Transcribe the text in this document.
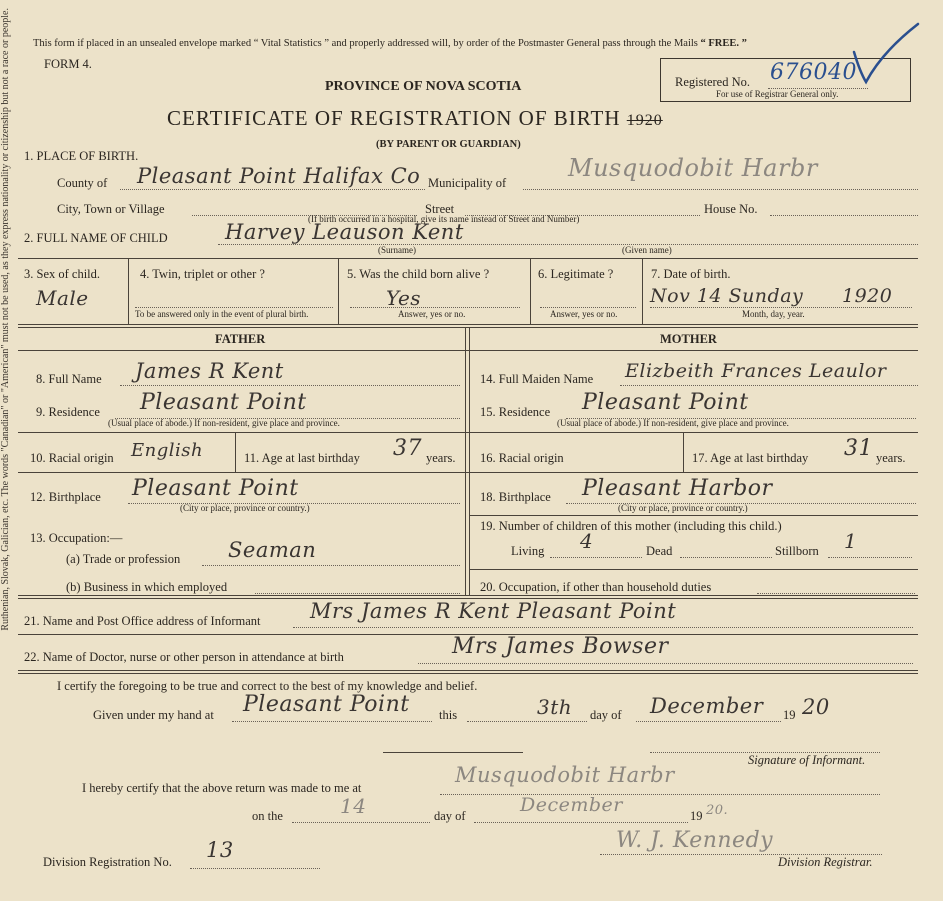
Ruthenian, Slovak, Galician, etc. The words "Canadian" or "American" must not be used, as they express nationality or citizenship but not a race or people. This form if placed in an unsealed envelope marked “ Vital Statistics ” and properly addressed will, by order of the Postmaster General pass through the Mails “ FREE. ”
FORM 4.
PROVINCE OF NOVA SCOTIA
CERTIFICATE OF REGISTRATION OF BIRTH 1920
(BY PARENT OR GUARDIAN)
Registered No. 676040
For use of Registrar General only.
1. PLACE OF BIRTH.
County of Pleasant Point Halifax Co Municipality of
Musquodobit Harbr
City, Town or Village	Street	House No.
(If birth occurred in a hospital, give its name instead of Street and Number)
2. FULL NAME OF CHILD	Harvey Leauson Kent
(Surname)	(Given name)
3. Sex of child.
Male
4. Twin, triplet or other ?
To be answered only in the event of plural birth.
5. Was the child born alive ?
Yes
Answer, yes or no.
6. Legitimate ?
Answer, yes or no.
7. Date of birth.
Nov 14 Sunday 1920
Month, day, year.
FATHER	MOTHER
8. Full Name James R Kent	14. Full Maiden Name Elizbeith Frances Leaulor
9. Residence Pleasant Point
(Usual place of abode.) If non-resident, give place and province.
15. Residence Pleasant Point
(Usual place of abode.) If non-resident, give place and province.
10. Racial origin English	11. Age at last birthday 37 years. 16. Racial origin	17. Age at last birthday 31 years.
12. Birthplace Pleasant Point
(City or place, province or country.)
18. Birthplace Pleasant Harbor
(City or place, province or country.)
13. Occupation:—
(a) Trade or profession Seaman
19. Number of children of this mother (including this child.)
Living 4	Dead	Stillborn 1
(b) Business in which employed	20. Occupation, if other than household duties
21. Name and Post Office address of Informant Mrs James R Kent Pleasant Point
22. Name of Doctor, nurse or other person in attendance at birth	Mrs James Bowser
I certify the foregoing to be true and correct to the best of my knowledge and belief.
Given under my hand at Pleasant Point this	3th day of December 19 20
Signature of Informant.
I hereby certify that the above return was made to me at
Musquodobit Harbr
on the	14	day of	December	19 20.
Division Registration No. 13	W. J. Kennedy
Division Registrar.
